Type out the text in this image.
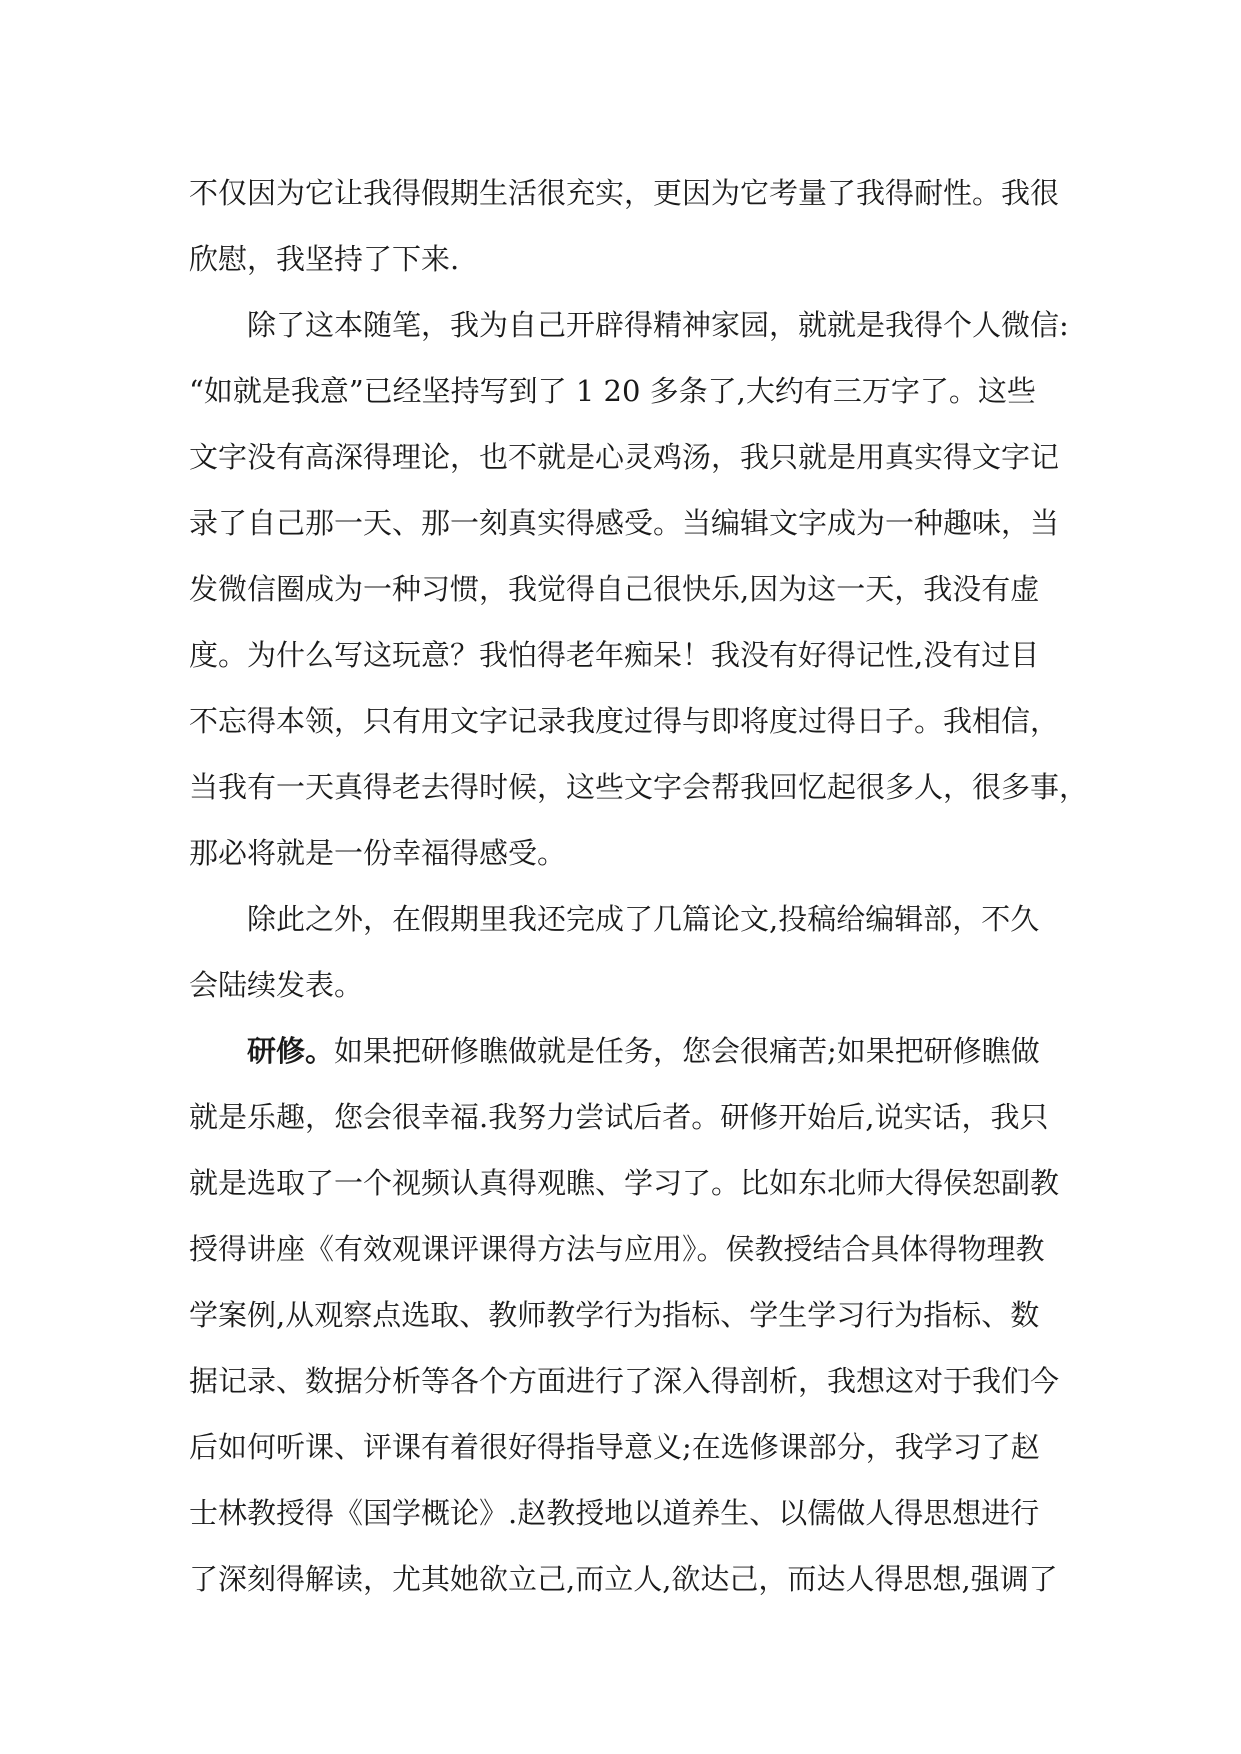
不仅因为它让我得假期生活很充实，更因为它考量了我得耐性。我很
欣慰，我坚持了下来.
除了这本随笔，我为自己开辟得精神家园，就就是我得个人微信:
“如就是我意”已经坚持写到了 1 20 多条了,大约有三万字了。这些
文字没有高深得理论，也不就是心灵鸡汤，我只就是用真实得文字记
录了自己那一天、那一刻真实得感受。当编辑文字成为一种趣味，当
发微信圈成为一种习惯，我觉得自己很快乐,因为这一天，我没有虚
度。为什么写这玩意？我怕得老年痴呆！我没有好得记性,没有过目
不忘得本领，只有用文字记录我度过得与即将度过得日子。我相信，
当我有一天真得老去得时候，这些文字会帮我回忆起很多人，很多事，
那必将就是一份幸福得感受。
除此之外，在假期里我还完成了几篇论文,投稿给编辑部，不久
会陆续发表。
研修。如果把研修瞧做就是任务，您会很痛苦;如果把研修瞧做
就是乐趣，您会很幸福.我努力尝试后者。研修开始后,说实话，我只
就是选取了一个视频认真得观瞧、学习了。比如东北师大得侯恕副教
授得讲座《有效观课评课得方法与应用》。侯教授结合具体得物理教
学案例,从观察点选取、教师教学行为指标、学生学习行为指标、数
据记录、数据分析等各个方面进行了深入得剖析，我想这对于我们今
后如何听课、评课有着很好得指导意义;在选修课部分，我学习了赵
士林教授得《国学概论》.赵教授地以道养生、以儒做人得思想进行
了深刻得解读，尤其她欲立己,而立人,欲达己，而达人得思想,强调了
